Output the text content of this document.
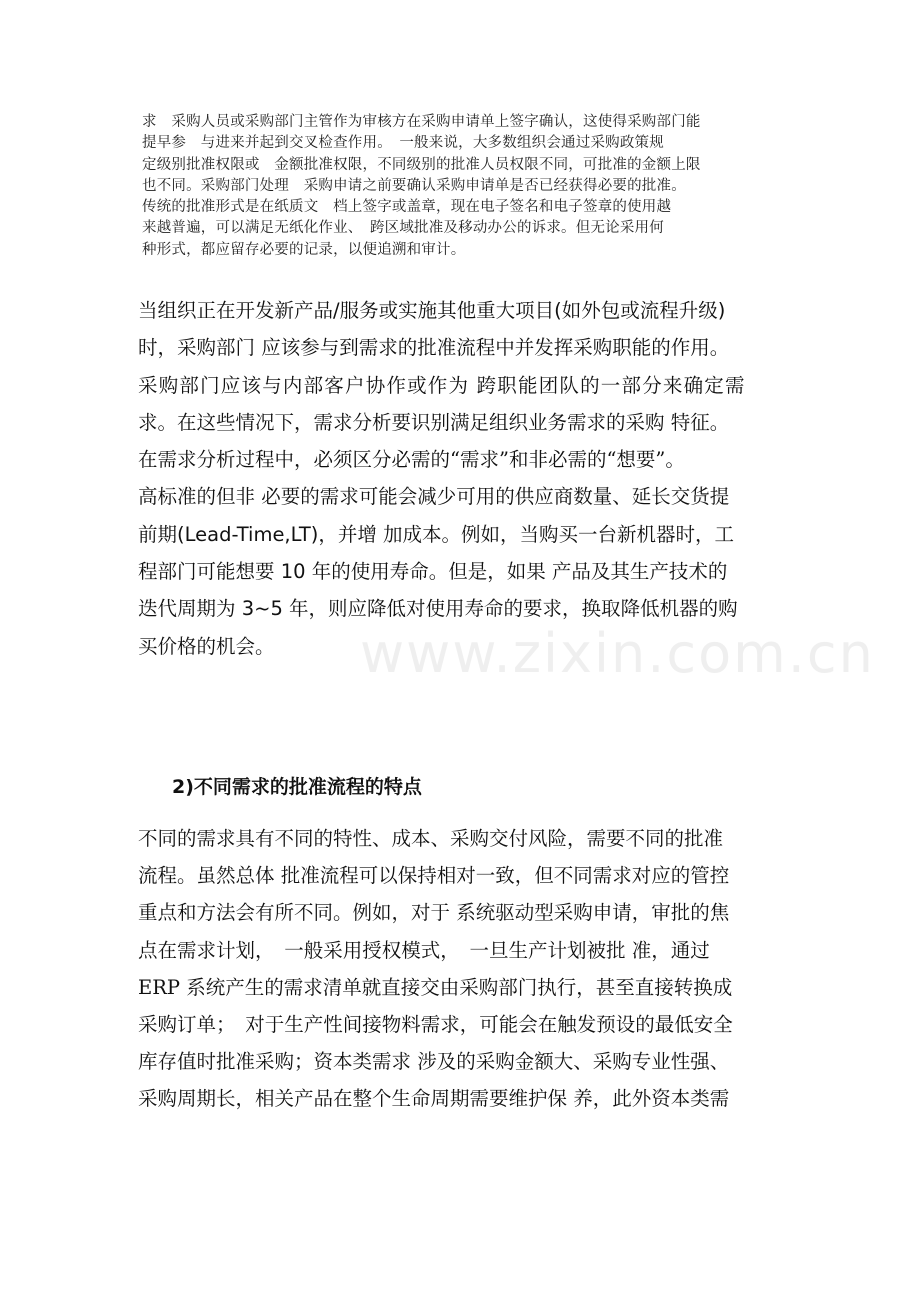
www.zixin.com.cn
求　采购人员或采购部门主管作为审核方在采购申请单上签字确认，这使得采购部门能
提早参　与进来并起到交叉检查作用。　一般来说，大多数组织会通过采购政策规
定级别批准权限或　金额批准权限，不同级别的批准人员权限不同，可批准的金额上限
也不同。采购部门处理　采购申请之前要确认采购申请单是否已经获得必要的批准。
传统的批准形式是在纸质文　档上签字或盖章，现在电子签名和电子签章的使用越
来越普遍，可以满足无纸化作业、　跨区域批准及移动办公的诉求。但无论采用何
种形式，都应留存必要的记录，以便追溯和审计。
当组织正在开发新产品/服务或实施其他重大项目(如外包或流程升级)
时，采购部门 应该参与到需求的批准流程中并发挥采购职能的作用。
采购部门应该与内部客户协作或作为 跨职能团队的一部分来确定需
求。在这些情况下，需求分析要识别满足组织业务需求的采购 特征。
在需求分析过程中，必须区分必需的“需求”和非必需的“想要”。
高标准的但非 必要的需求可能会减少可用的供应商数量、延长交货提
前期(Lead-Time,LT)，并增 加成本。例如，当购买一台新机器时，工
程部门可能想要 10 年的使用寿命。但是，如果 产品及其生产技术的
迭代周期为 3~5 年，则应降低对使用寿命的要求，换取降低机器的购
买价格的机会。
2)不同需求的批准流程的特点
不同的需求具有不同的特性、成本、采购交付风险，需要不同的批准
流程。虽然总体 批准流程可以保持相对一致，但不同需求对应的管控
重点和方法会有所不同。例如，对于 系统驱动型采购申请，审批的焦
点在需求计划，　一般采用授权模式，　一旦生产计划被批 准，通过
ERP 系统产生的需求清单就直接交由采购部门执行，甚至直接转换成
采购订单；　对于生产性间接物料需求，可能会在触发预设的最低安全
库存值时批准采购；资本类需求 涉及的采购金额大、采购专业性强、
采购周期长，相关产品在整个生命周期需要维护保 养，此外资本类需
